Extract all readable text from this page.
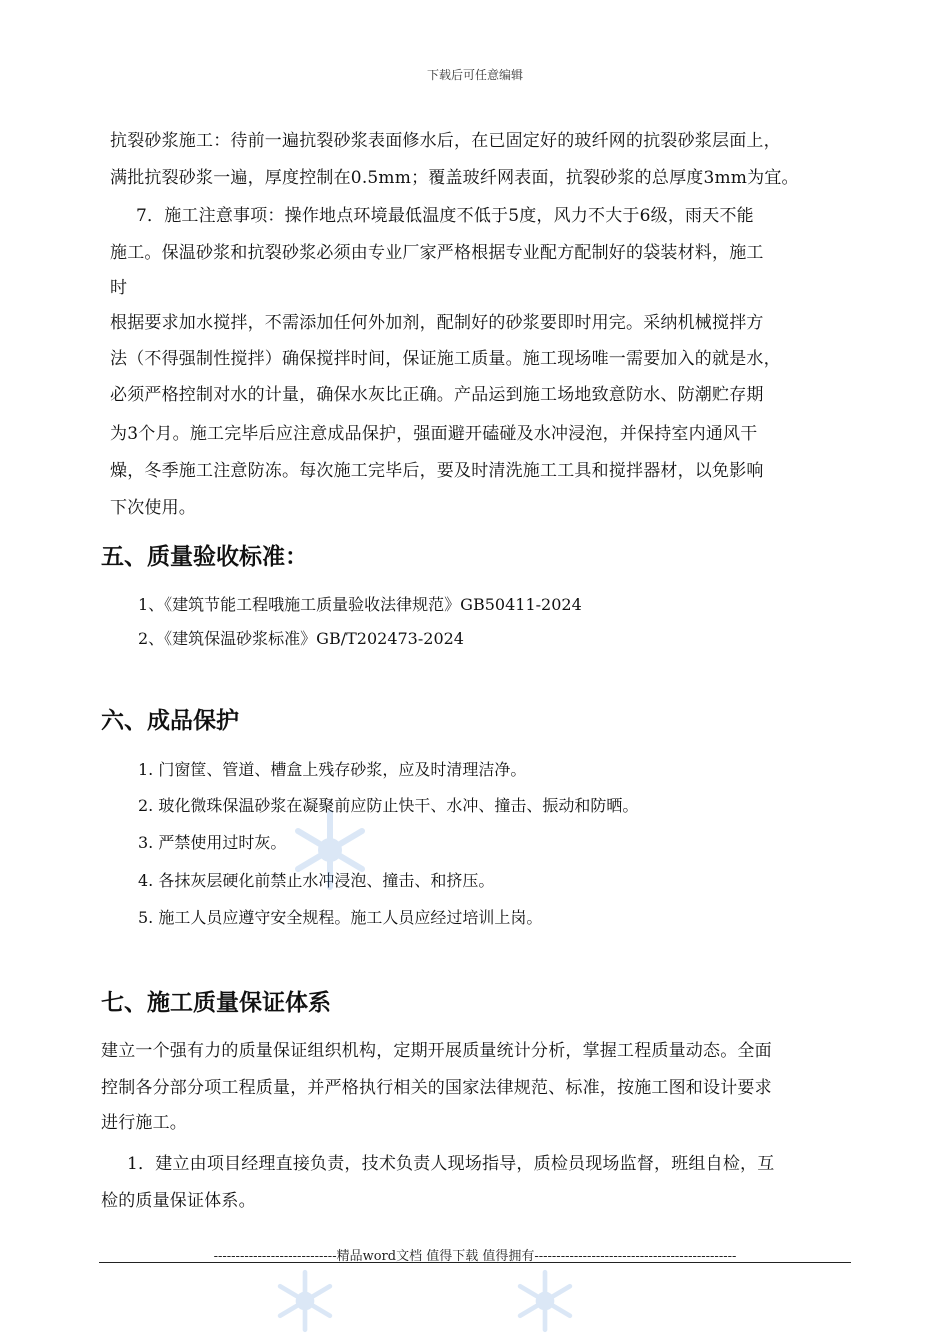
下载后可任意编辑
抗裂砂浆施工：待前一遍抗裂砂浆表面修水后，在已固定好的玻纤网的抗裂砂浆层面上，
满批抗裂砂浆一遍，厚度控制在0.5mm；覆盖玻纤网表面，抗裂砂浆的总厚度3mm为宜。
7．施工注意事项：操作地点环境最低温度不低于5度，风力不大于6级，雨天不能
施工。保温砂浆和抗裂砂浆必须由专业厂家严格根据专业配方配制好的袋装材料，施工
时
根据要求加水搅拌，不需添加任何外加剂，配制好的砂浆要即时用完。采纳机械搅拌方
法（不得强制性搅拌）确保搅拌时间，保证施工质量。施工现场唯一需要加入的就是水，
必须严格控制对水的计量，确保水灰比正确。产品运到施工场地致意防水、防潮贮存期
为3个月。施工完毕后应注意成品保护，强面避开磕碰及水冲浸泡，并保持室内通风干
燥，冬季施工注意防冻。每次施工完毕后，要及时清洗施工工具和搅拌器材，以免影响
下次使用。
五、质量验收标准：
1、《建筑节能工程哦施工质量验收法律规范》GB50411-2024
2、《建筑保温砂浆标准》GB/T202473-2024
六、成品保护
1. 门窗筐、管道、槽盒上残存砂浆，应及时清理洁净。
2. 玻化微珠保温砂浆在凝聚前应防止快干、水冲、撞击、振动和防晒。
3. 严禁使用过时灰。
4. 各抹灰层硬化前禁止水冲浸泡、撞击、和挤压。
5. 施工人员应遵守安全规程。施工人员应经过培训上岗。
七、施工质量保证体系
建立一个强有力的质量保证组织机构，定期开展质量统计分析，掌握工程质量动态。全面
控制各分部分项工程质量，并严格执行相关的国家法律规范、标准，按施工图和设计要求
进行施工。
1．建立由项目经理直接负责，技术负责人现场指导，质检员现场监督，班组自检，互
检的质量保证体系。
----------------------------精品word文档 值得下载 值得拥有----------------------------------------------
